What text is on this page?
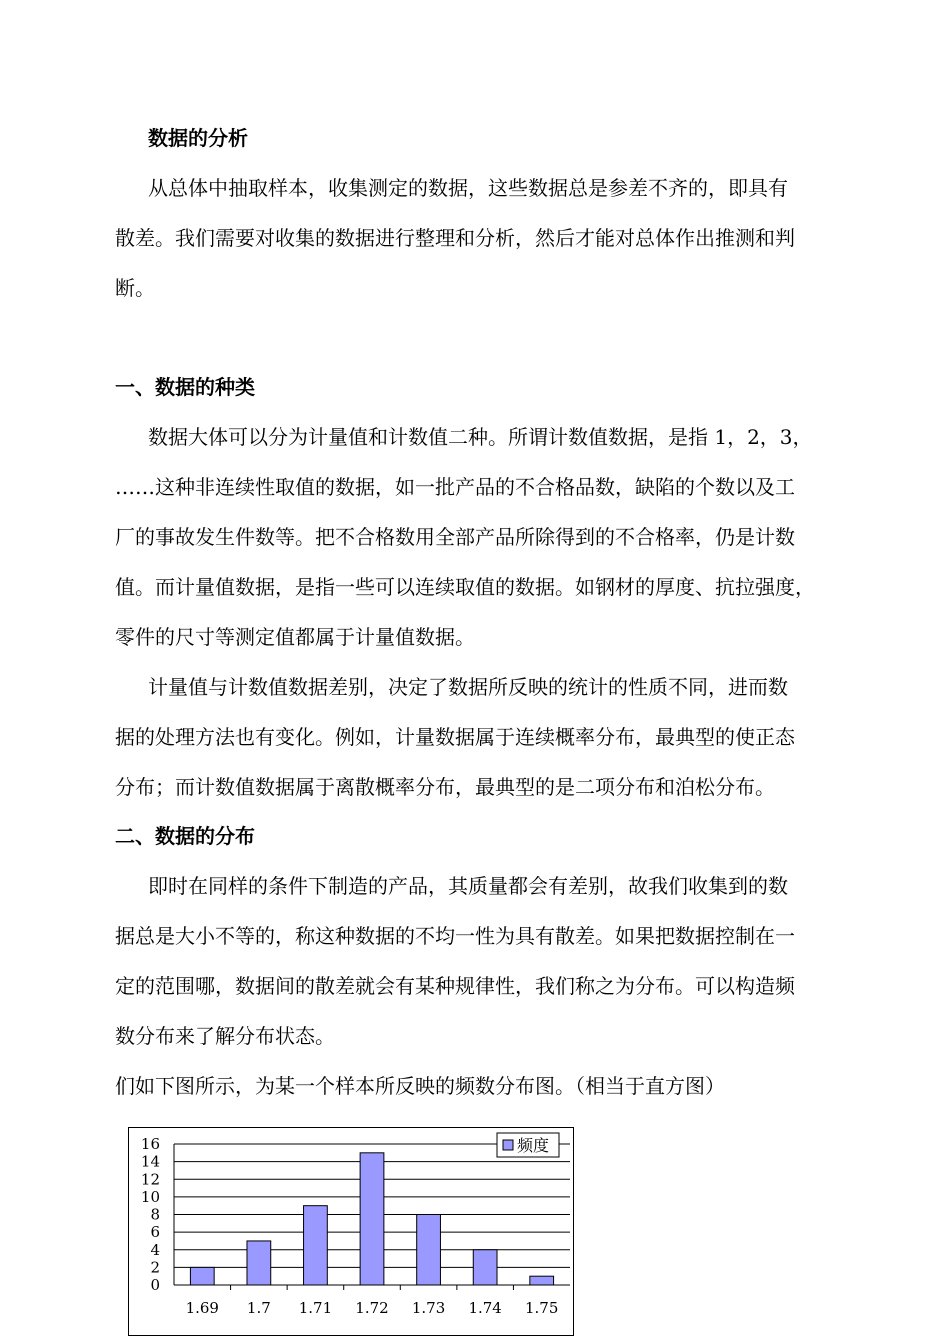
数据的分析
从总体中抽取样本，收集测定的数据，这些数据总是参差不齐的，即具有
散差。我们需要对收集的数据进行整理和分析，然后才能对总体作出推测和判
断。
一、数据的种类
数据大体可以分为计量值和计数值二种。所谓计数值数据，是指 1，2，3，
……这种非连续性取值的数据，如一批产品的不合格品数，缺陷的个数以及工
厂的事故发生件数等。把不合格数用全部产品所除得到的不合格率，仍是计数
值。而计量值数据，是指一些可以连续取值的数据。如钢材的厚度、抗拉强度，
零件的尺寸等测定值都属于计量值数据。
计量值与计数值数据差别，决定了数据所反映的统计的性质不同，进而数
据的处理方法也有变化。例如，计量数据属于连续概率分布，最典型的使正态
分布；而计数值数据属于离散概率分布，最典型的是二项分布和泊松分布。
二、数据的分布
即时在同样的条件下制造的产品，其质量都会有差别，故我们收集到的数
据总是大小不等的，称这种数据的不均一性为具有散差。如果把数据控制在一
定的范围哪，数据间的散差就会有某种规律性，我们称之为分布。可以构造频
数分布来了解分布状态。
们如下图所示，为某一个样本所反映的频数分布图。（相当于直方图）
0
2
4
6
8
10
12
14
16
1.69 1.7 1.71 1.72 1.73 1.74 1.75
频度
